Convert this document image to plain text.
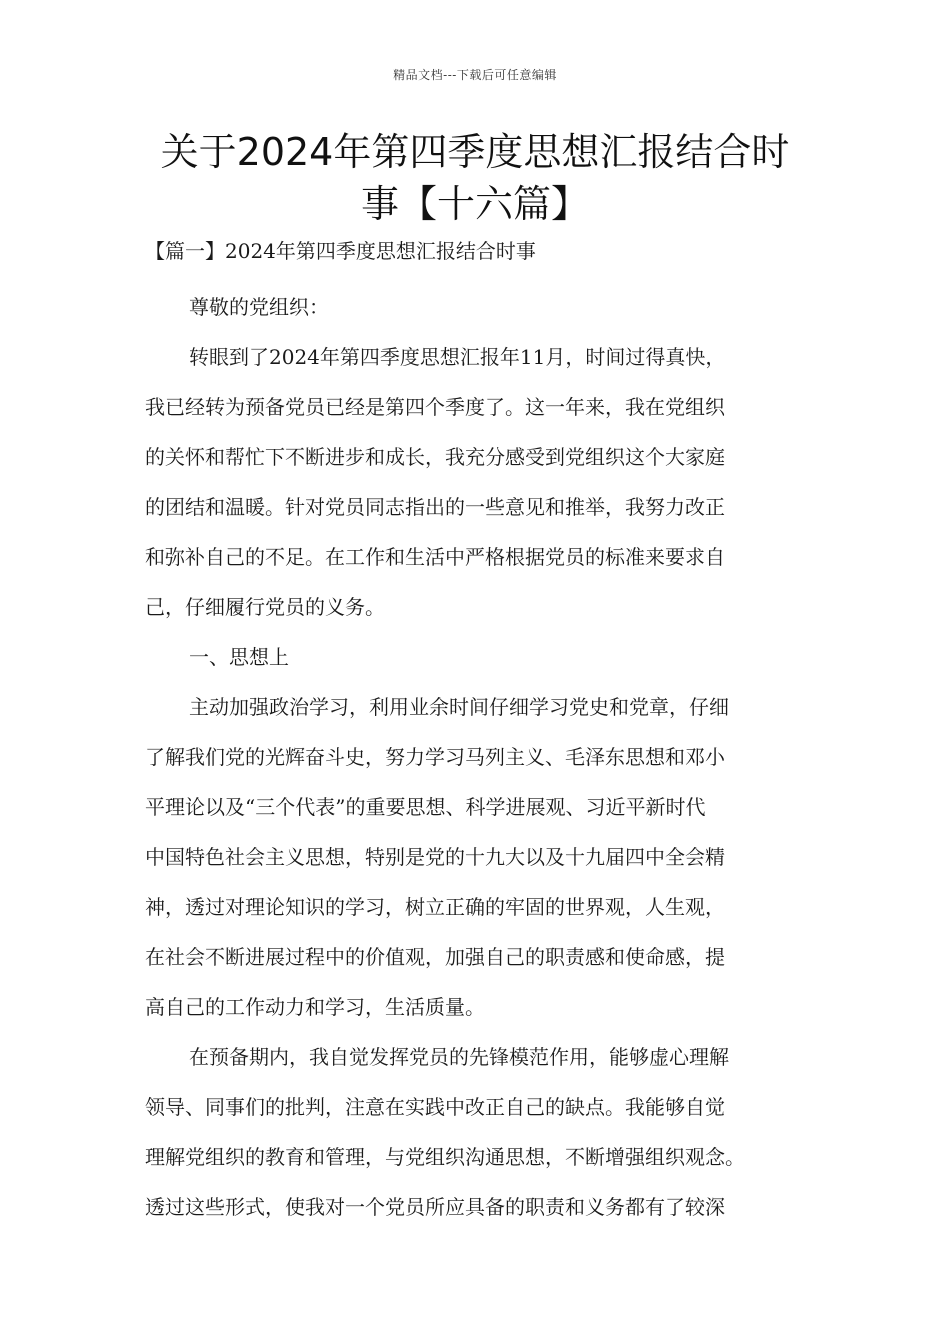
精品文档---下载后可任意编辑
关于2024年第四季度思想汇报结合时
事【十六篇】
【篇一】2024年第四季度思想汇报结合时事

尊敬的党组织：

转眼到了2024年第四季度思想汇报年11月，时间过得真快，
我已经转为预备党员已经是第四个季度了。这一年来，我在党组织
的关怀和帮忙下不断进步和成长，我充分感受到党组织这个大家庭
的团结和温暖。针对党员同志指出的一些意见和推举，我努力改正
和弥补自己的不足。在工作和生活中严格根据党员的标准来要求自
己，仔细履行党员的义务。

一、思想上

主动加强政治学习，利用业余时间仔细学习党史和党章，仔细
了解我们党的光辉奋斗史，努力学习马列主义、毛泽东思想和邓小
平理论以及“三个代表”的重要思想、科学进展观、习近平新时代
中国特色社会主义思想，特别是党的十九大以及十九届四中全会精
神，透过对理论知识的学习，树立正确的牢固的世界观，人生观，
在社会不断进展过程中的价值观，加强自己的职责感和使命感，提
高自己的工作动力和学习，生活质量。

在预备期内，我自觉发挥党员的先锋模范作用，能够虚心理解
领导、同事们的批判，注意在实践中改正自己的缺点。我能够自觉
理解党组织的教育和管理，与党组织沟通思想，不断增强组织观念。
透过这些形式，使我对一个党员所应具备的职责和义务都有了较深
